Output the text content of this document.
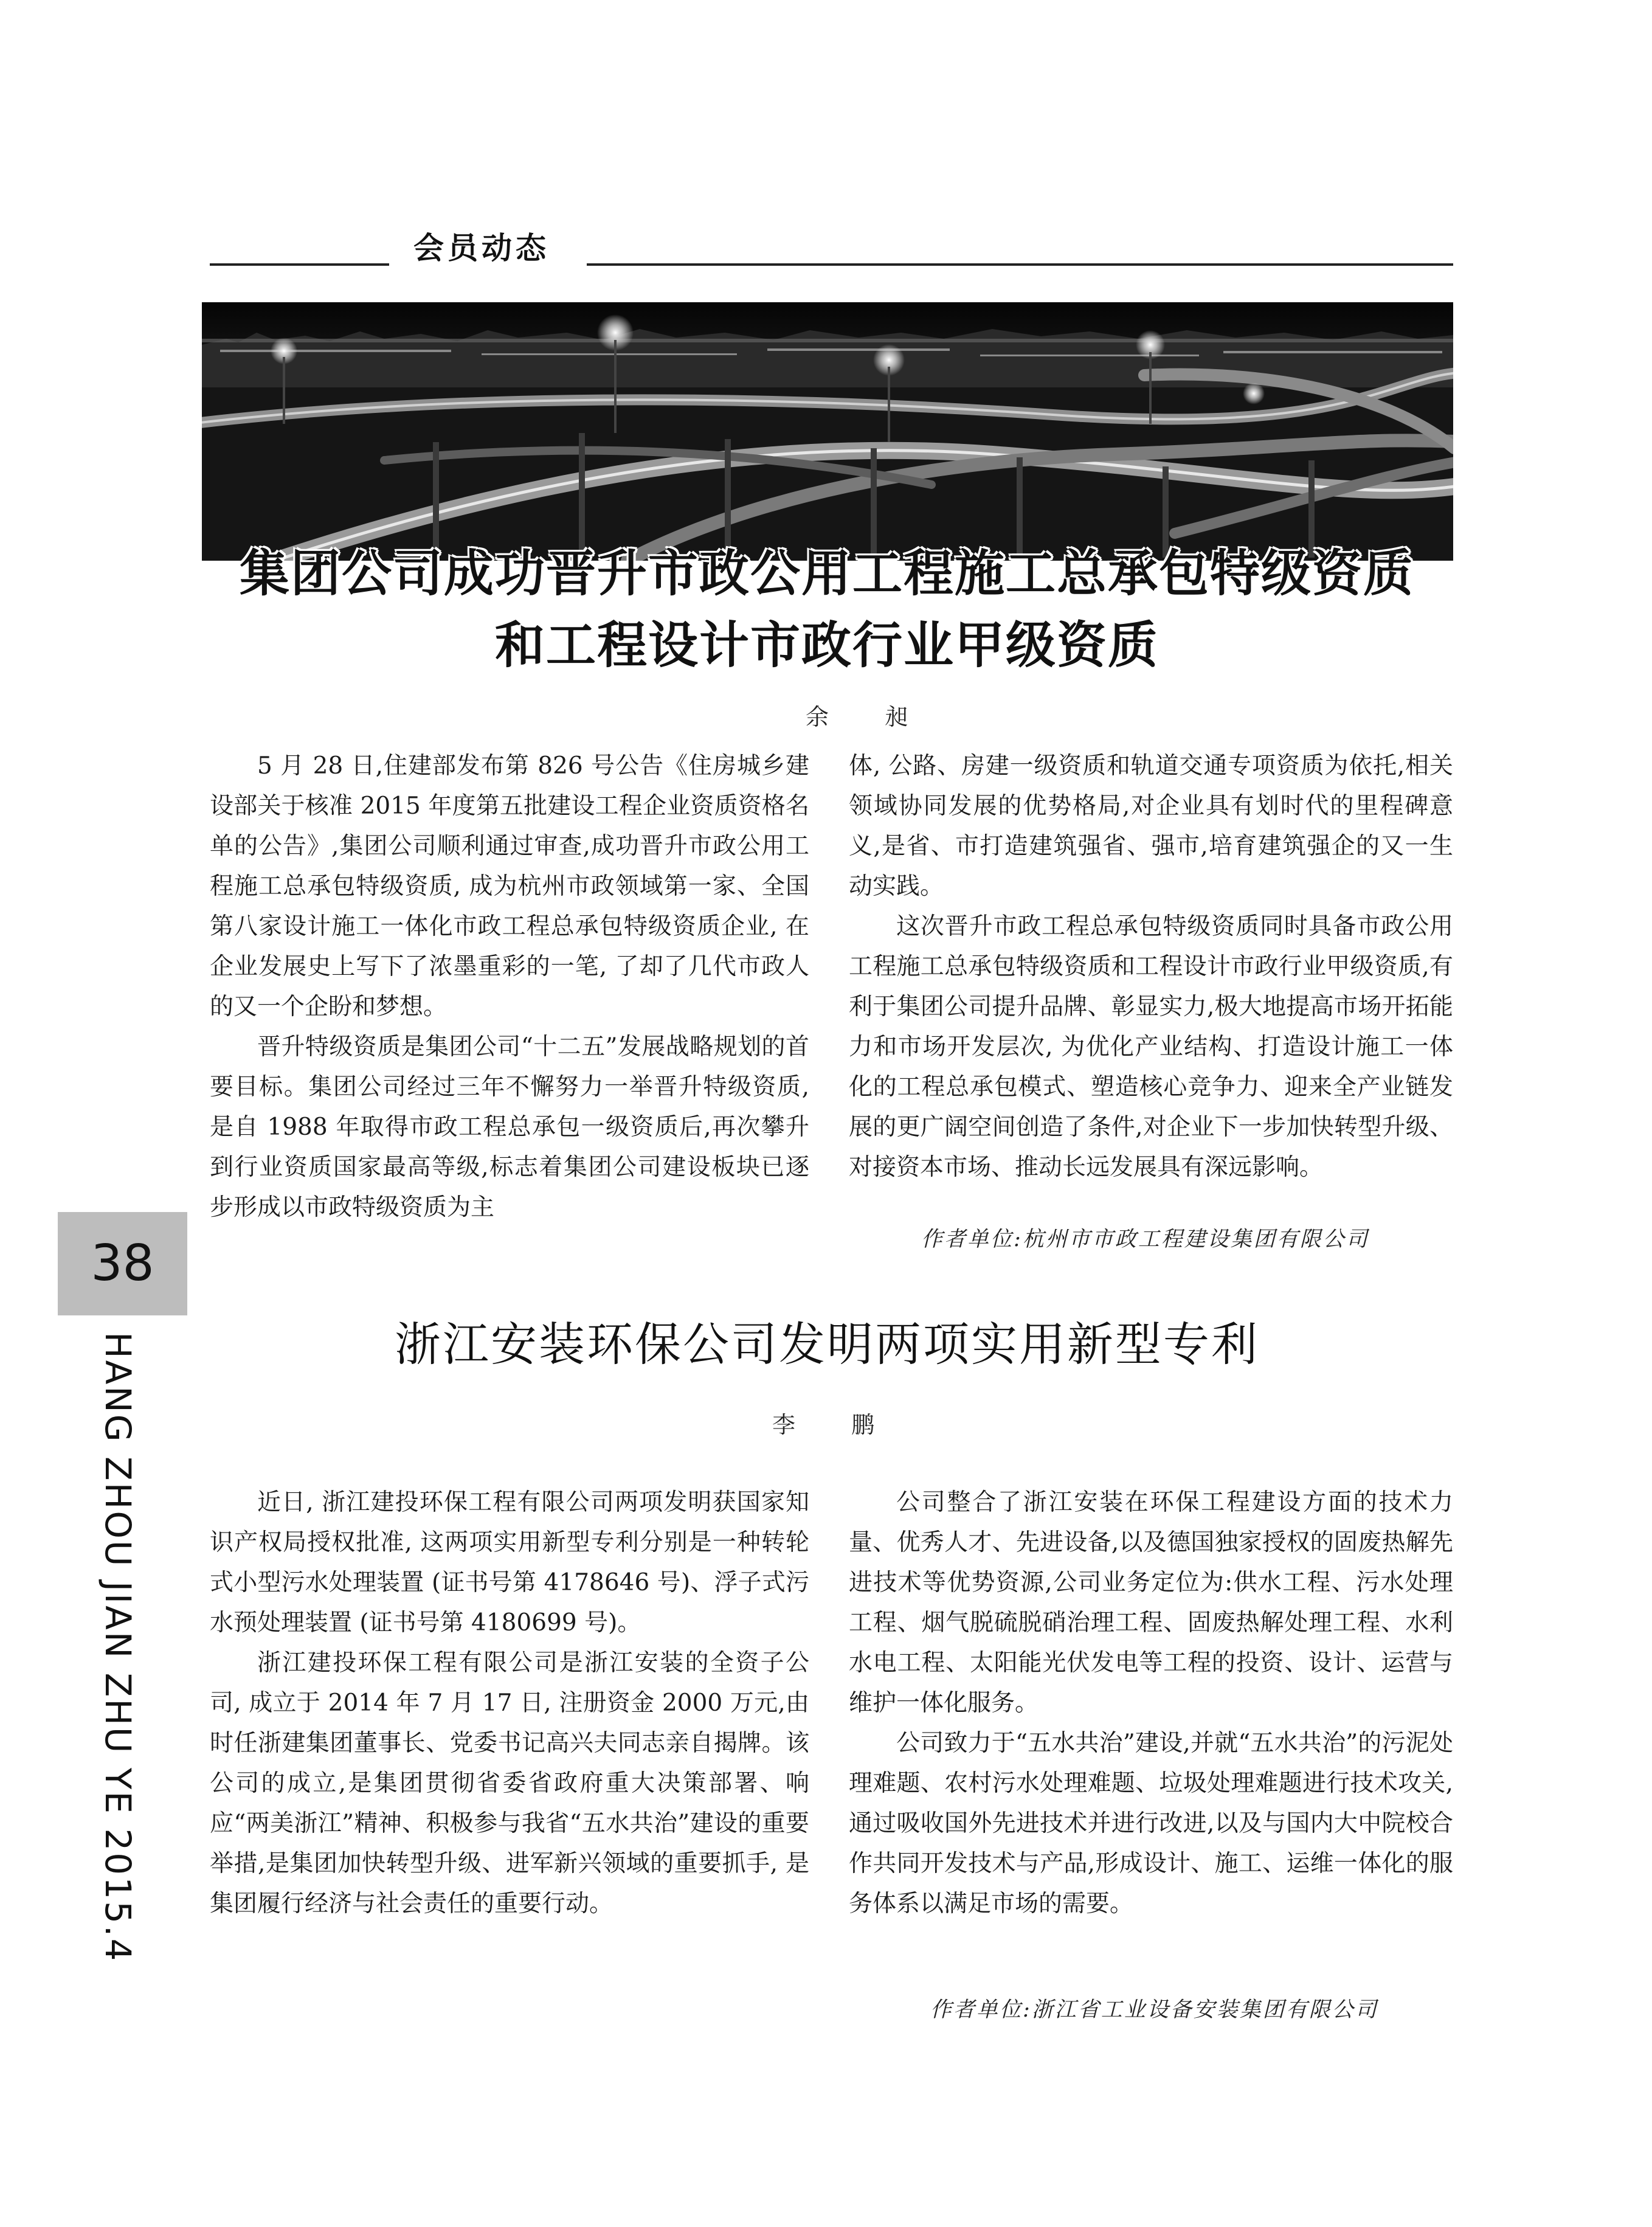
会员动态
集团公司成功晋升市政公用工程施工总承包特级资质
和工程设计市政行业甲级资质
余 昶

5 月 28 日,住建部发布第 826 号公告《住房城乡建设部关于核准 2015 年度第五批建设工程企业资质资格名单的公告》,集团公司顺利通过审查,成功晋升市政公用工程施工总承包特级资质, 成为杭州市政领域第一家、全国第八家设计施工一体化市政工程总承包特级资质企业, 在企业发展史上写下了浓墨重彩的一笔, 了却了几代市政人的又一个企盼和梦想。

晋升特级资质是集团公司“十二五”发展战略规划的首要目标。集团公司经过三年不懈努力一举晋升特级资质,是自 1988 年取得市政工程总承包一级资质后,再次攀升到行业资质国家最高等级,标志着集团公司建设板块已逐步形成以市政特级资质为主

体, 公路、房建一级资质和轨道交通专项资质为依托,相关领域协同发展的优势格局,对企业具有划时代的里程碑意义,是省、市打造建筑强省、强市,培育建筑强企的又一生动实践。

这次晋升市政工程总承包特级资质同时具备市政公用工程施工总承包特级资质和工程设计市政行业甲级资质,有利于集团公司提升品牌、彰显实力,极大地提高市场开拓能力和市场开发层次, 为优化产业结构、打造设计施工一体化的工程总承包模式、塑造核心竞争力、迎来全产业链发展的更广阔空间创造了条件,对企业下一步加快转型升级、对接资本市场、推动长远发展具有深远影响。

作者单位:杭州市市政工程建设集团有限公司
浙江安装环保公司发明两项实用新型专利
李 鹏

近日, 浙江建投环保工程有限公司两项发明获国家知识产权局授权批准, 这两项实用新型专利分别是一种转轮式小型污水处理装置 (证书号第 4178646 号)、浮子式污水预处理装置 (证书号第 4180699 号)。

浙江建投环保工程有限公司是浙江安装的全资子公司, 成立于 2014 年 7 月 17 日, 注册资金 2000 万元,由时任浙建集团董事长、党委书记高兴夫同志亲自揭牌。该公司的成立,是集团贯彻省委省政府重大决策部署、响应“两美浙江”精神、积极参与我省“五水共治”建设的重要举措,是集团加快转型升级、进军新兴领域的重要抓手, 是集团履行经济与社会责任的重要行动。

公司整合了浙江安装在环保工程建设方面的技术力量、优秀人才、先进设备,以及德国独家授权的固废热解先进技术等优势资源,公司业务定位为:供水工程、污水处理工程、烟气脱硫脱硝治理工程、固废热解处理工程、水利水电工程、太阳能光伏发电等工程的投资、设计、运营与维护一体化服务。

公司致力于“五水共治”建设,并就“五水共治”的污泥处理难题、农村污水处理难题、垃圾处理难题进行技术攻关,通过吸收国外先进技术并进行改进,以及与国内大中院校合作共同开发技术与产品,形成设计、施工、运维一体化的服务体系以满足市场的需要。

作者单位:浙江省工业设备安装集团有限公司
38
HANG ZHOU JIAN ZHU YE 2015.4
